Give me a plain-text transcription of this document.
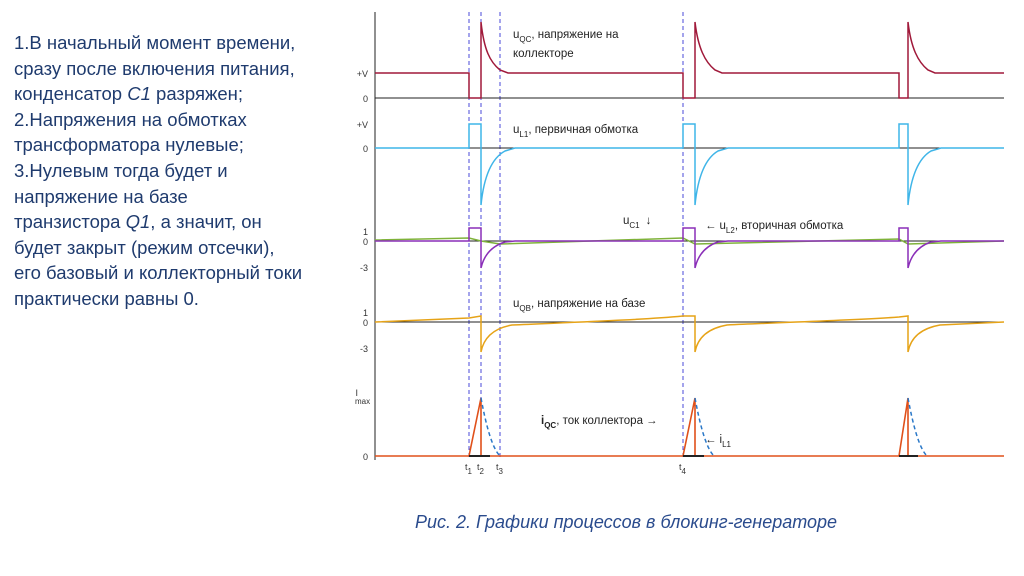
1.В начальный момент времени,
сразу после включения питания,
конденсатор C1 разряжен;
2.Напряжения на обмотках
трансформатора нулевые;
3.Нулевым тогда будет и
напряжение на базе
транзистора Q1, а значит, он
будет закрыт (режим отсечки),
его базовый и коллекторный токи
практически равны 0.
+V
0
$u_{QC}$, напряжение на
коллекторе
+V
0
$u_{L1}$, первичная обмотка
1
0
-3
$u_{C1}$ ↓	← $u_{L2}$, вторичная обмотка
1
0
-3
$u_{QB}$, напряжение на базе
I max
0
$i_{QC}$, ток коллектора →
← $i_{L1}$
t1 t2 t3	t4
Рис. 2. Графики процессов в блокинг-генераторе
